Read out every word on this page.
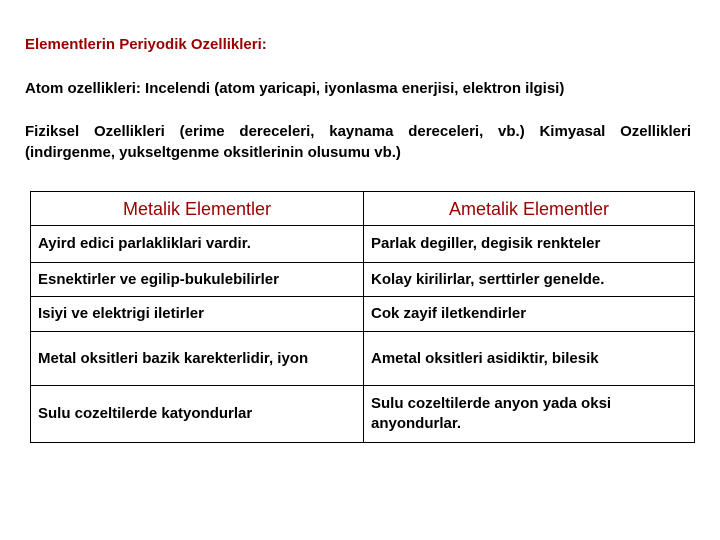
Elementlerin Periyodik Ozellikleri:
Atom ozellikleri: Incelendi (atom yaricapi, iyonlasma enerjisi, elektron ilgisi)
Fiziksel Ozellikleri (erime dereceleri, kaynama dereceleri, vb.) Kimyasal Ozellikleri (indirgenme, yukseltgenme oksitlerinin olusumu vb.)
Metalik Elementler	Ametalik Elementler
Ayird edici parlakliklari vardir.	Parlak degiller, degisik renkteler
Esnektirler ve egilip-bukulebilirler	Kolay kirilirlar, serttirler genelde.
Isiyi ve elektrigi iletirler	Cok zayif iletkendirler
Metal oksitleri bazik karekterlidir, iyon	Ametal oksitleri asidiktir, bilesik
Sulu cozeltilerde katyondurlar	Sulu cozeltilerde anyon yada oksi anyondurlar.
